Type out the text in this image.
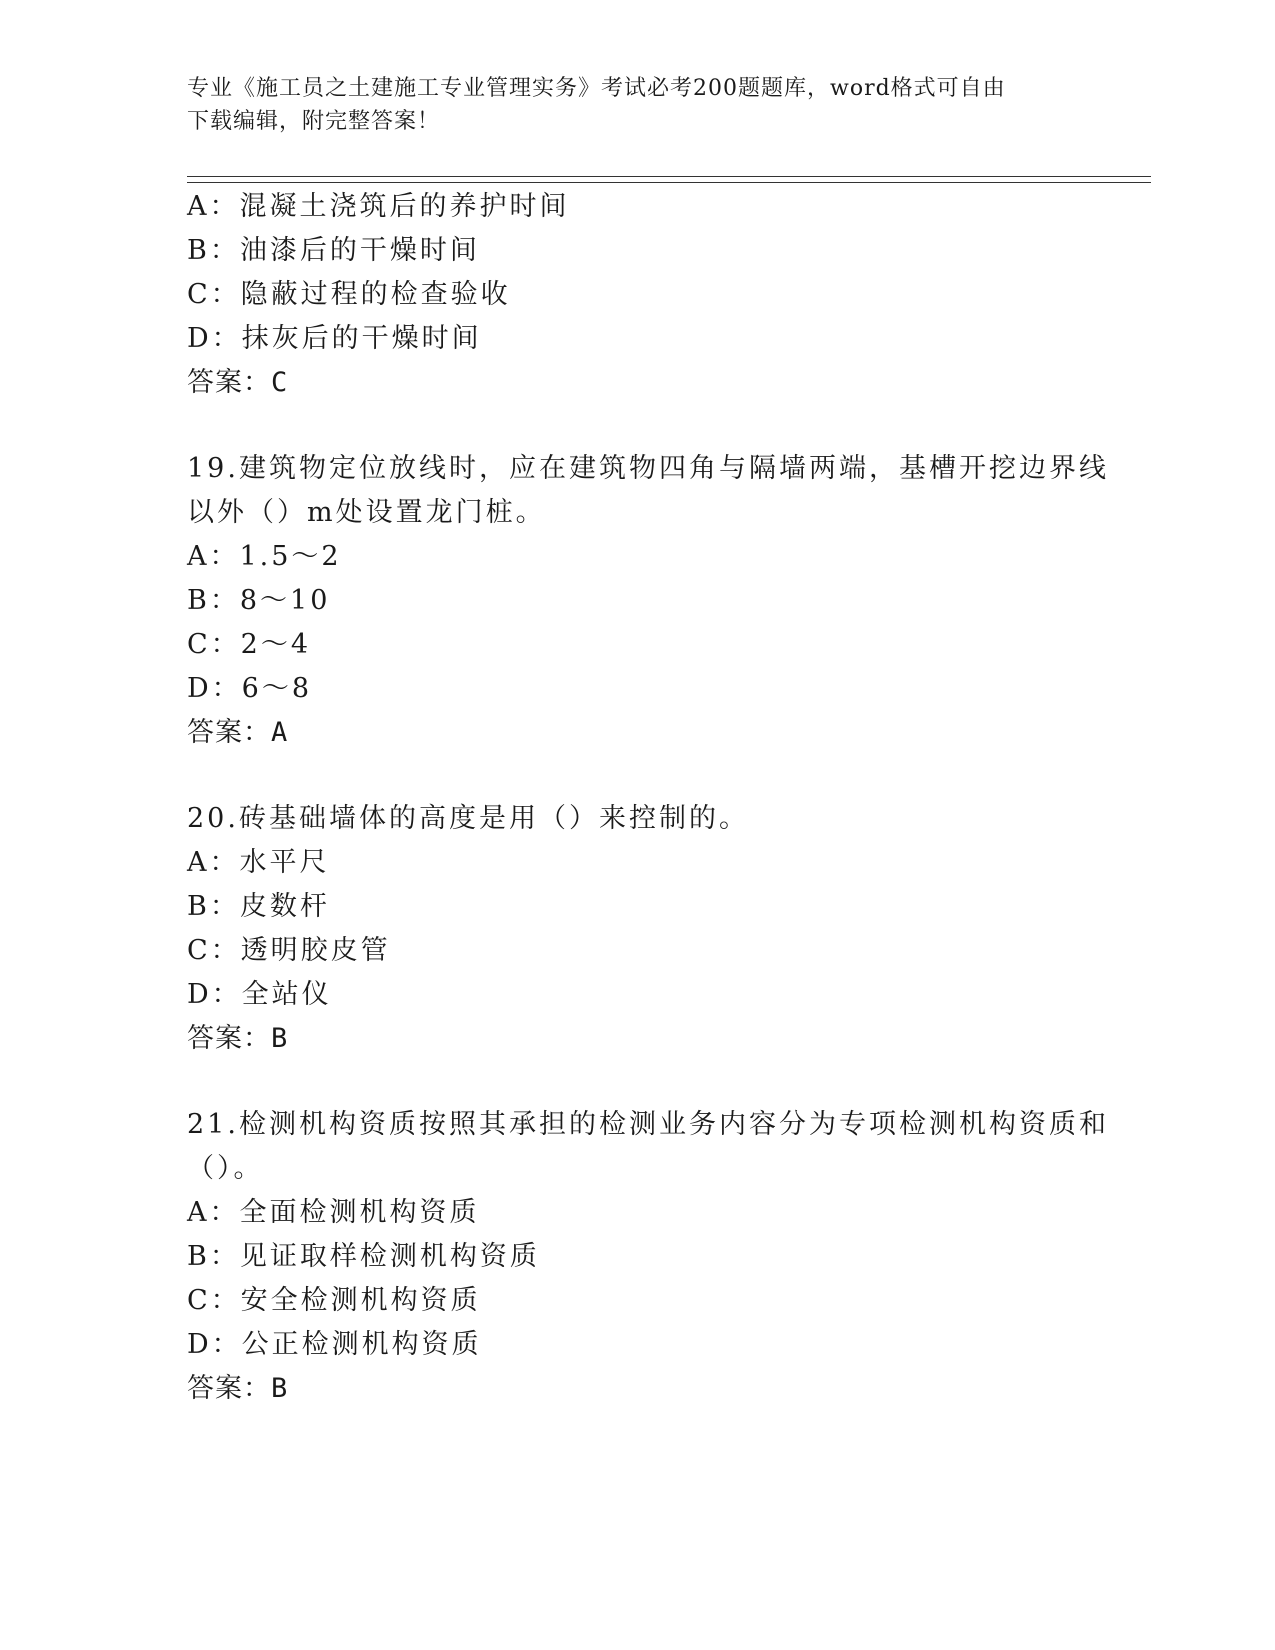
专业《施工员之土建施工专业管理实务》考试必考200题题库，word格式可自由
下载编辑，附完整答案！
A：混凝土浇筑后的养护时间
B：油漆后的干燥时间
C：隐蔽过程的检查验收
D：抹灰后的干燥时间
答案：C
19.建筑物定位放线时，应在建筑物四角与隔墙两端，基槽开挖边界线
以外（）m处设置龙门桩。
A：1.5～2
B：8～10
C：2～4
D：6～8
答案：A
20.砖基础墙体的高度是用（）来控制的。
A：水平尺
B：皮数杆
C：透明胶皮管
D：全站仪
答案：B
21.检测机构资质按照其承担的检测业务内容分为专项检测机构资质和
（）。
A：全面检测机构资质
B：见证取样检测机构资质
C：安全检测机构资质
D：公正检测机构资质
答案：B
